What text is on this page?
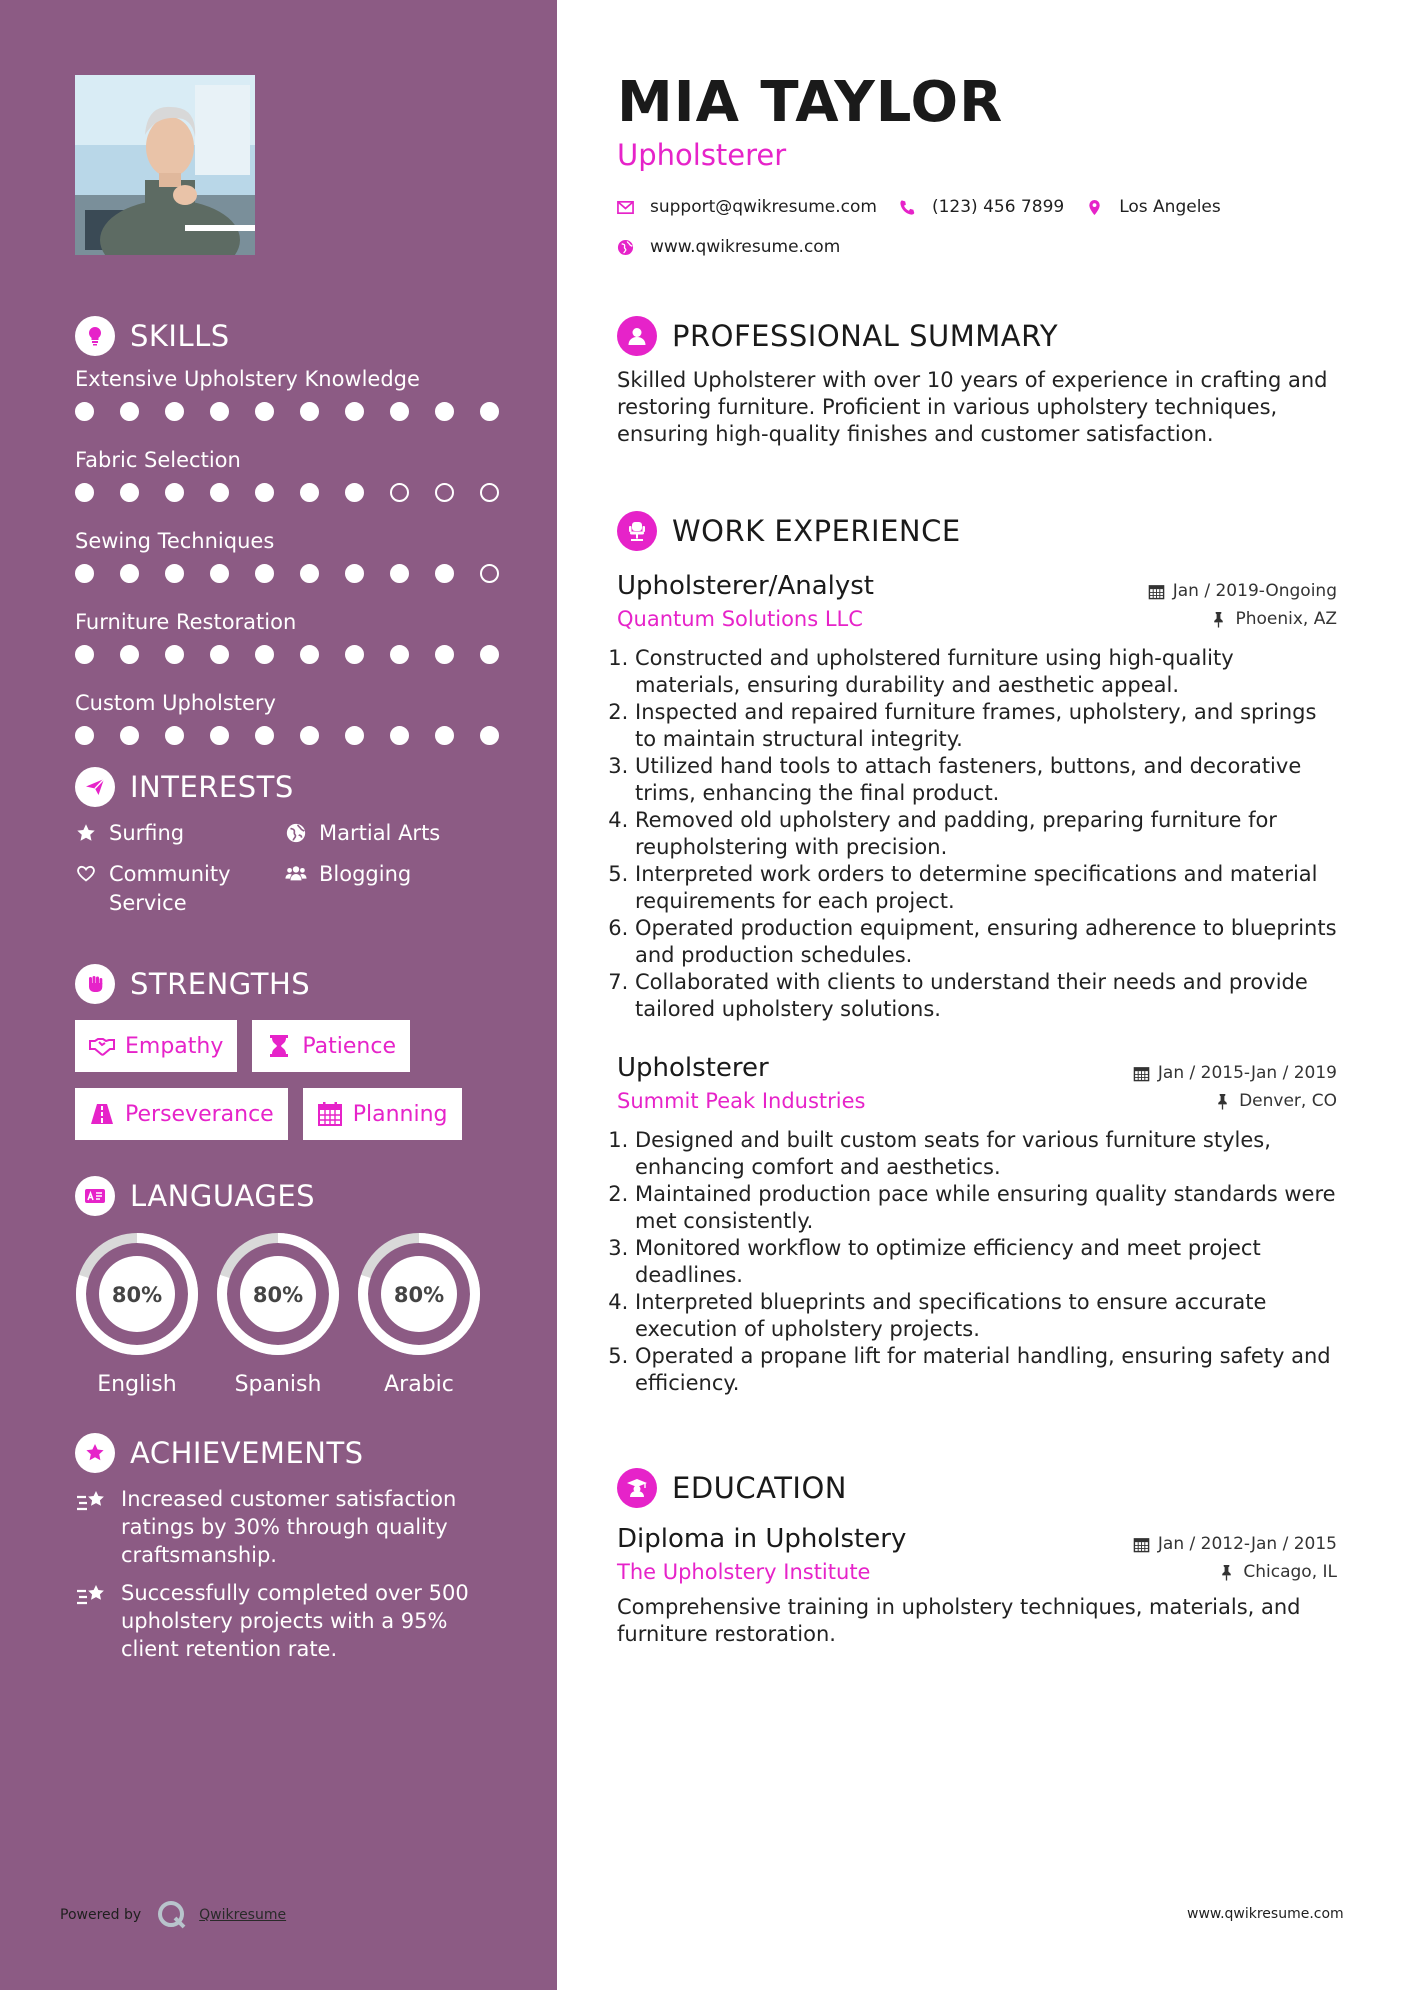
SKILLS
Extensive Upholstery Knowledge
Fabric Selection
Sewing Techniques
Furniture Restoration
Custom Upholstery
INTERESTS
Surfing	Martial Arts
Community Service
Blogging
STRENGTHS
Empathy	Patience
Perseverance	Planning
LANGUAGES
80%
English
80%
Spanish
80%
Arabic
ACHIEVEMENTS
Increased customer satisfaction ratings by 30% through quality craftsmanship.
Successfully completed over 500 upholstery projects with a 95% client retention rate.
Powered by	Qwikresume
MIA TAYLOR
Upholsterer
support@qwikresume.com	(123) 456 7899	Los Angeles
www.qwikresume.com
PROFESSIONAL SUMMARY

Skilled Upholsterer with over 10 years of experience in crafting and restoring furniture. Proficient in various upholstery techniques, ensuring high-quality finishes and customer satisfaction.

WORK EXPERIENCE
Upholsterer/Analyst	Jan / 2019-Ongoing
Quantum Solutions LLC	Phoenix, AZ
1. Constructed and upholstered furniture using high-quality materials, ensuring durability and aesthetic appeal.
2. Inspected and repaired furniture frames, upholstery, and springs to maintain structural integrity.
3. Utilized hand tools to attach fasteners, buttons, and decorative trims, enhancing the final product.
4. Removed old upholstery and padding, preparing furniture for reupholstering with precision.
5. Interpreted work orders to determine specifications and material requirements for each project.
6. Operated production equipment, ensuring adherence to blueprints and production schedules.
7. Collaborated with clients to understand their needs and provide tailored upholstery solutions.
Upholsterer	Jan / 2015-Jan / 2019
Summit Peak Industries	Denver, CO
1. Designed and built custom seats for various furniture styles, enhancing comfort and aesthetics.
2. Maintained production pace while ensuring quality standards were met consistently.
3. Monitored workflow to optimize efficiency and meet project deadlines.
4. Interpreted blueprints and specifications to ensure accurate execution of upholstery projects.
5. Operated a propane lift for material handling, ensuring safety and efficiency.
EDUCATION
Diploma in Upholstery	Jan / 2012-Jan / 2015
The Upholstery Institute	Chicago, IL

Comprehensive training in upholstery techniques, materials, and furniture restoration.

www.qwikresume.com
